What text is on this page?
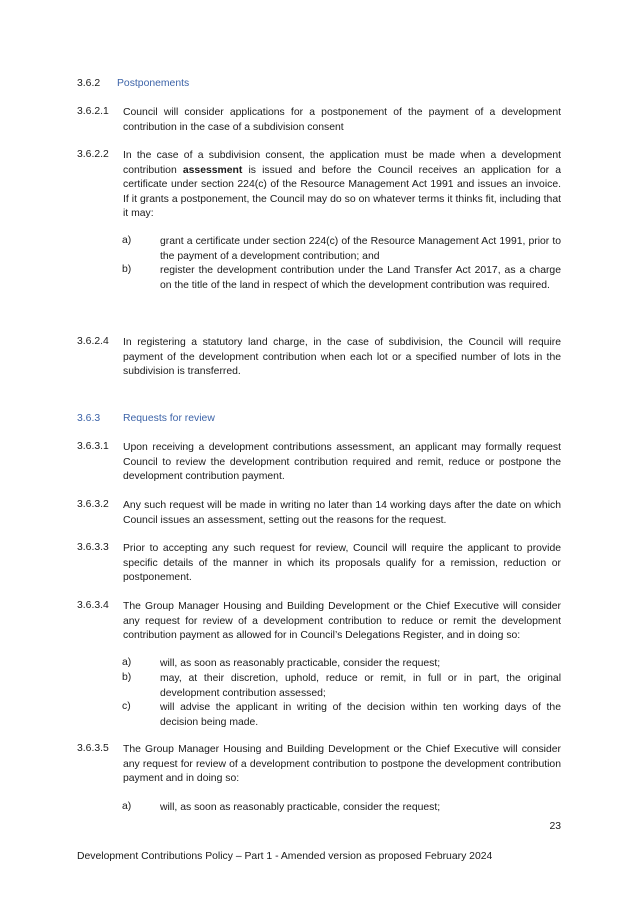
3.6.2 Postponements
3.6.2.1 Council will consider applications for a postponement of the payment of a development contribution in the case of a subdivision consent
3.6.2.2 In the case of a subdivision consent, the application must be made when a development contribution assessment is issued and before the Council receives an application for a certificate under section 224(c) of the Resource Management Act 1991 and issues an invoice. If it grants a postponement, the Council may do so on whatever terms it thinks fit, including that it may:
a)	grant a certificate under section 224(c) of the Resource Management Act 1991, prior to the payment of a development contribution; and
b)	register the development contribution under the Land Transfer Act 2017, as a charge on the title of the land in respect of which the development contribution was required.
3.6.2.4 In registering a statutory land charge, in the case of subdivision, the Council will require payment of the development contribution when each lot or a specified number of lots in the subdivision is transferred.
3.6.3 Requests for review
3.6.3.1 Upon receiving a development contributions assessment, an applicant may formally request Council to review the development contribution required and remit, reduce or postpone the development contribution payment.
3.6.3.2 Any such request will be made in writing no later than 14 working days after the date on which Council issues an assessment, setting out the reasons for the request.
3.6.3.3 Prior to accepting any such request for review, Council will require the applicant to provide specific details of the manner in which its proposals qualify for a remission, reduction or postponement.
3.6.3.4 The Group Manager Housing and Building Development or the Chief Executive will consider any request for review of a development contribution to reduce or remit the development contribution payment as allowed for in Council’s Delegations Register, and in doing so:
a)	will, as soon as reasonably practicable, consider the request;
b)	may, at their discretion, uphold, reduce or remit, in full or in part, the original development contribution assessed;
c)	will advise the applicant in writing of the decision within ten working days of the decision being made.
3.6.3.5 The Group Manager Housing and Building Development or the Chief Executive will consider any request for review of a development contribution to postpone the development contribution payment and in doing so:
a)	will, as soon as reasonably practicable, consider the request;
23
Development Contributions Policy – Part 1 - Amended version as proposed February 2024
